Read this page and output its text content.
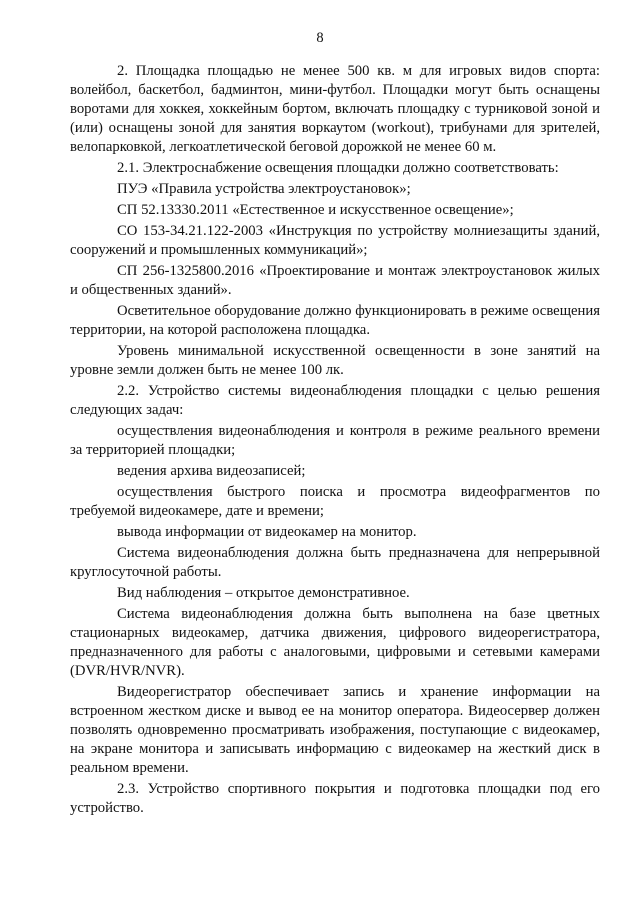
8

2. Площадка площадью не менее 500 кв. м для игровых видов спорта: волейбол, баскетбол, бадминтон, мини-футбол. Площадки могут быть оснащены воротами для хоккея, хоккейным бортом, включать площадку с турниковой зоной и (или) оснащены зоной для занятия воркаутом (workout), трибунами для зрителей, велопарковкой, легкоатлетической беговой дорожкой не менее 60 м.

2.1. Электроснабжение освещения площадки должно соответствовать:

ПУЭ «Правила устройства электроустановок»;

СП 52.13330.2011 «Естественное и искусственное освещение»;

СО 153-34.21.122-2003 «Инструкция по устройству молниезащиты зданий, сооружений и промышленных коммуникаций»;

СП 256-1325800.2016 «Проектирование и монтаж электроустановок жилых и общественных зданий».

Осветительное оборудование должно функционировать в режиме освещения территории, на которой расположена площадка.

Уровень минимальной искусственной освещенности в зоне занятий на уровне земли должен быть не менее 100 лк.

2.2. Устройство системы видеонаблюдения площадки с целью решения следующих задач:

осуществления видеонаблюдения и контроля в режиме реального времени за территорией площадки;

ведения архива видеозаписей;

осуществления быстрого поиска и просмотра видеофрагментов по требуемой видеокамере, дате и времени;

вывода информации от видеокамер на монитор.

Система видеонаблюдения должна быть предназначена для непрерывной круглосуточной работы.

Вид наблюдения – открытое демонстративное.

Система видеонаблюдения должна быть выполнена на базе цветных стационарных видеокамер, датчика движения, цифрового видеорегистратора, предназначенного для работы с аналоговыми, цифровыми и сетевыми камерами (DVR/HVR/NVR).

Видеорегистратор обеспечивает запись и хранение информации на встроенном жестком диске и вывод ее на монитор оператора. Видеосервер должен позволять одновременно просматривать изображения, поступающие с видеокамер, на экране монитора и записывать информацию с видеокамер на жесткий диск в реальном времени.

2.3. Устройство спортивного покрытия и подготовка площадки под его устройство.
